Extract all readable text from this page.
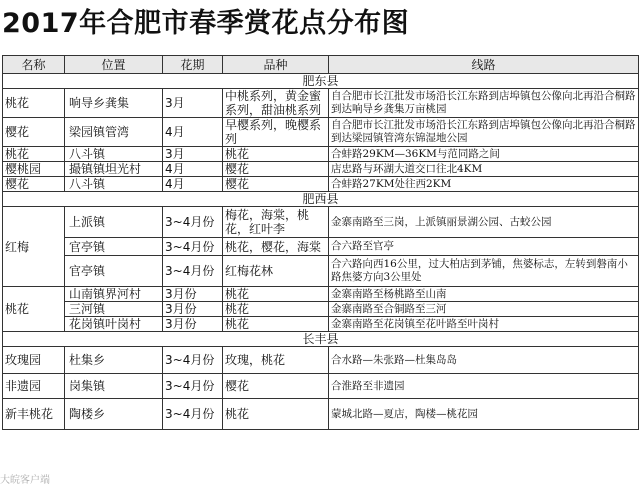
2017年合肥市春季赏花点分布图
名称	位置	花期	品种	线路
肥东县				
桃花	响导乡龚集	3月	中桃系列，黄金蜜系列，甜油桃系列	自合肥市长江批发市场沿长江东路到店埠镇包公像向北再沿合桐路到达响导乡龚集万亩桃园
樱花	梁园镇管湾	4月	早樱系列，晚樱系列	自合肥市长江批发市场沿长江东路到店埠镇包公像向北再沿合桐路到达梁园镇管湾东锦湿地公园
桃花	八斗镇	3月	桃花	合蚌路29KM—36KM与范同路之间
樱桃园	撮镇镇坦光村	4月	樱花	店忠路与环湖大道交口往北4KM
樱花	八斗镇	4月	樱花	合蚌路27KM处往西2KM
肥西县				
红梅	上派镇	3~4月份	梅花，海棠，桃花，红叶李	金寨南路至三岗，上派镇丽景湖公园、古蛟公园
	官亭镇	3~4月份	桃花，樱花，海棠	合六路至官亭
	官亭镇	3~4月份	红梅花林	合六路向西16公里，过大柏店到茅铺，焦婆标志，左转到磐南小路焦婆方向3公里处
桃花	山南镇界河村	3月份	桃花	金寨南路至杨桃路至山南
	三河镇	3月份	桃花	金寨南路至合铜路至三河
	花岗镇叶岗村	3月份	桃花	金寨南路至花岗镇至花叶路至叶岗村
长丰县				
玫瑰园	杜集乡	3~4月份	玫瑰，桃花	合水路—朱张路—杜集岛岛
非遗园	岗集镇	3~4月份	樱花	合淮路至非遗园
新丰桃花	陶楼乡	3~4月份	桃花	蒙城北路—夏店，陶楼—桃花园
大皖客户端
